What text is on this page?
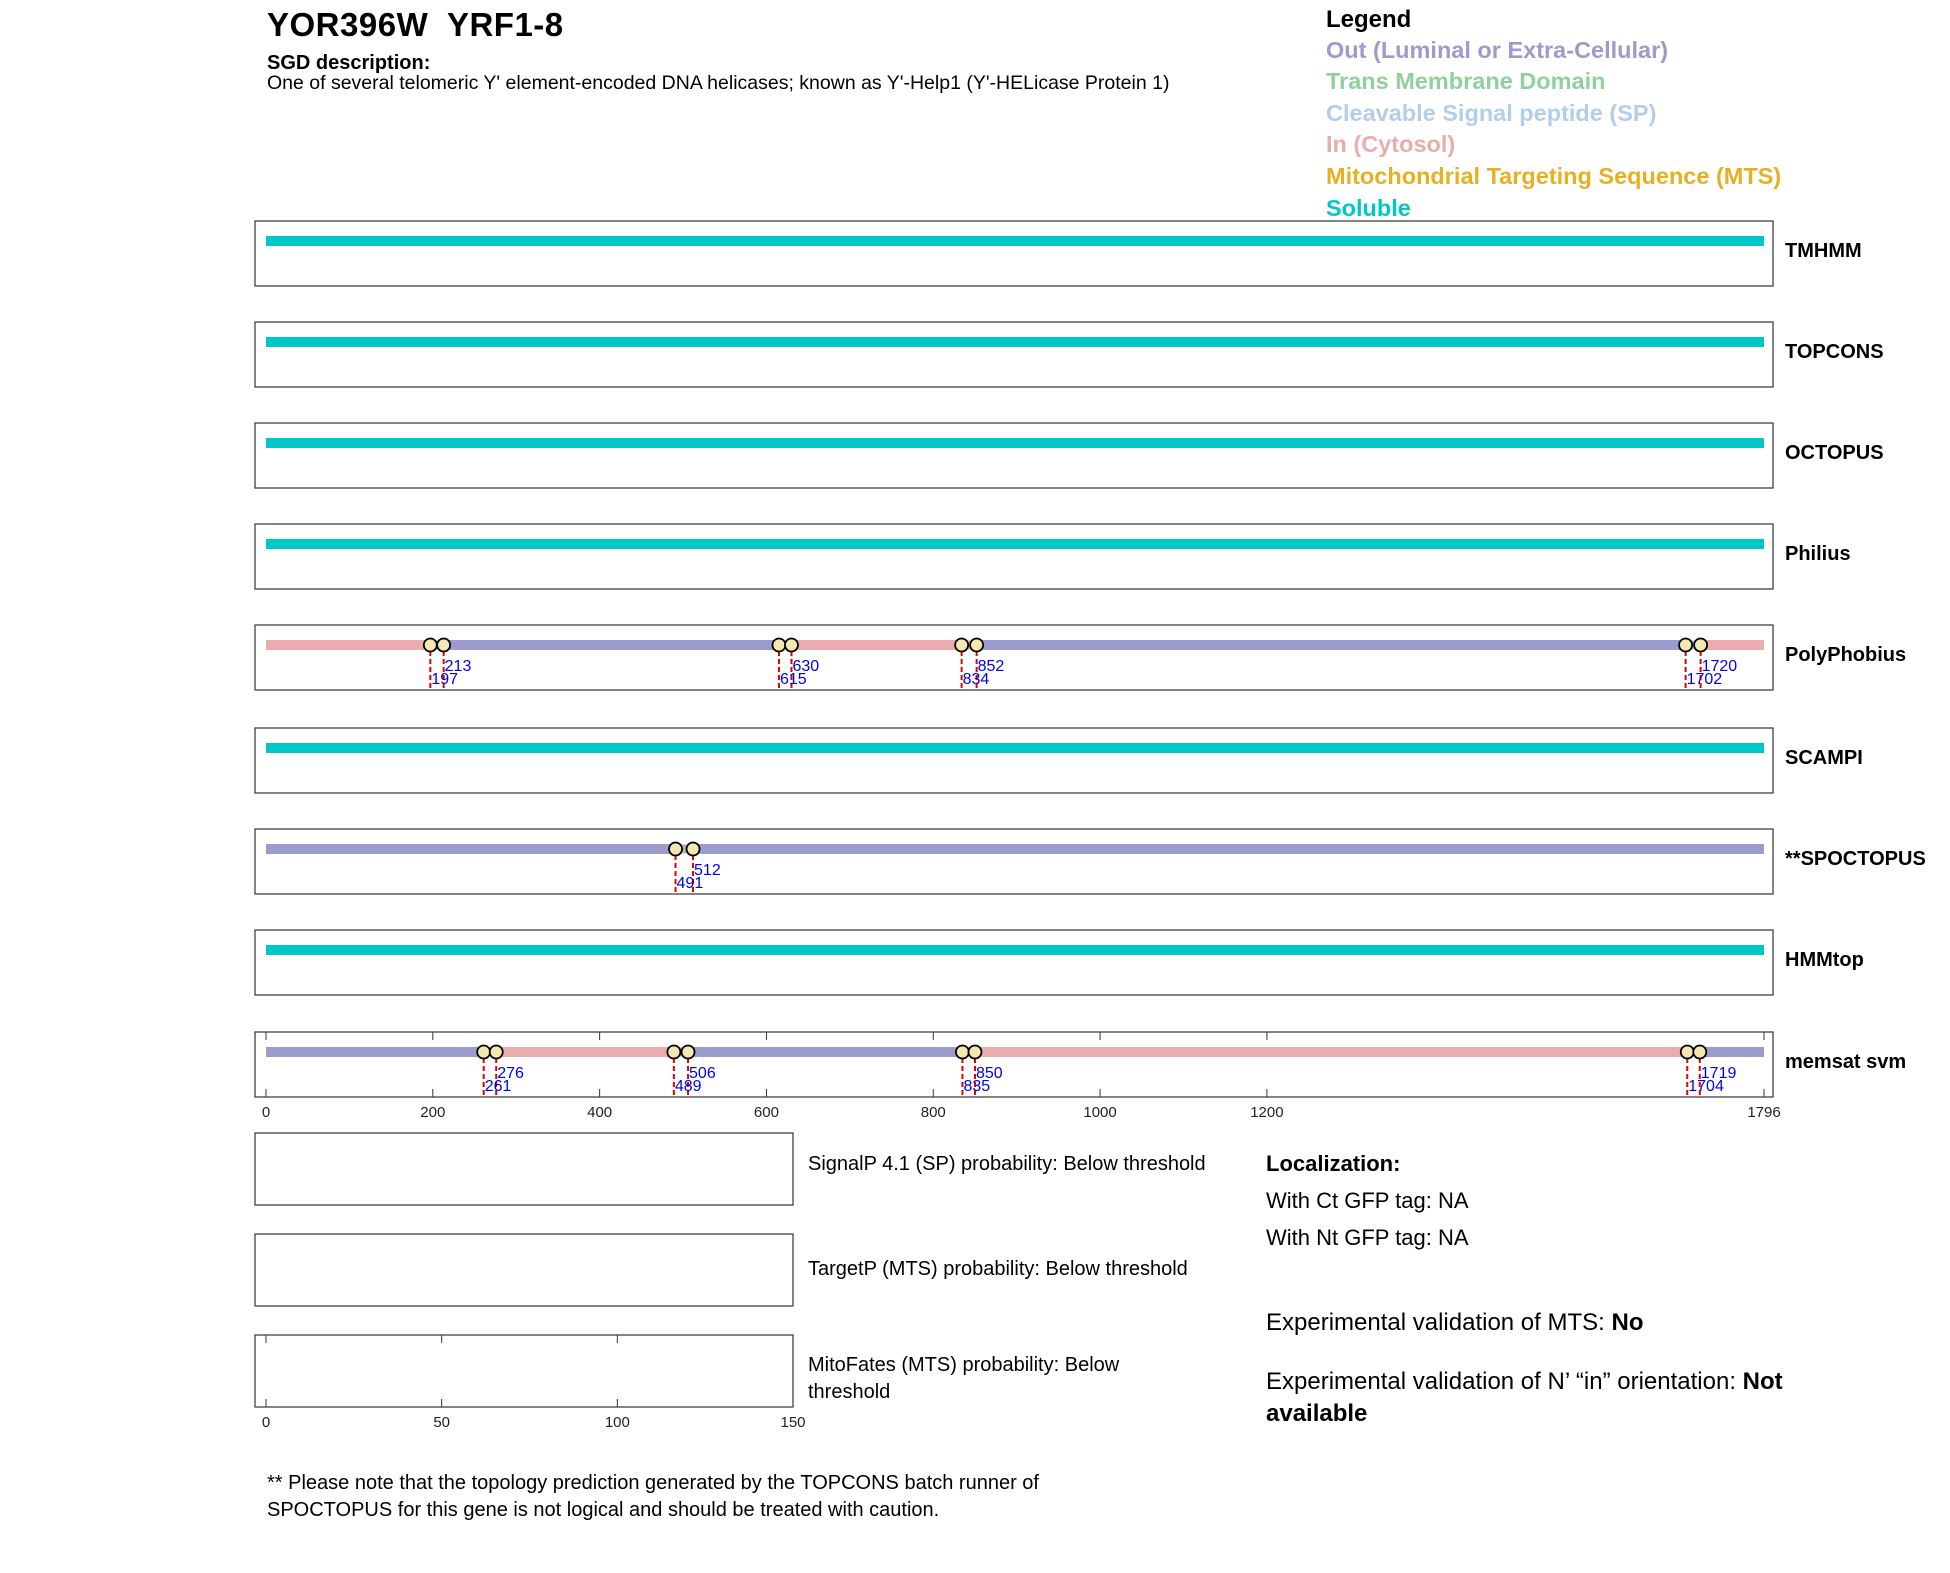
YOR396W  YRF1-8
SGD description:
One of several telomeric Y' element-encoded DNA helicases; known as Y'-Help1 (Y'-HELicase Protein 1)
Legend
Out (Luminal or Extra-Cellular)
Trans Membrane Domain
Cleavable Signal peptide (SP)
In (Cytosol)
Mitochondrial Targeting Sequence (MTS)
Soluble
TMHMM
TOPCONS
OCTOPUS
Philius
213
197
630
615
852
834
1720
1702
PolyPhobius
SCAMPI
512
491
**SPOCTOPUS
HMMtop
0	200	400	600	800	1000	1200	1796
276
261
506
489
850
835
1719
1704
memsat svm
0	50	100	150
SignalP 4.1 (SP) probability: Below threshold
TargetP (MTS) probability: Below threshold
MitoFates (MTS) probability: Below threshold
Localization:
With Ct GFP tag: NA
With Nt GFP tag: NA
Experimental validation of MTS: No
Experimental validation of N’ “in” orientation: Not available
** Please note that the topology prediction generated by the TOPCONS batch runner of SPOCTOPUS for this gene is not logical and should be treated with caution.
